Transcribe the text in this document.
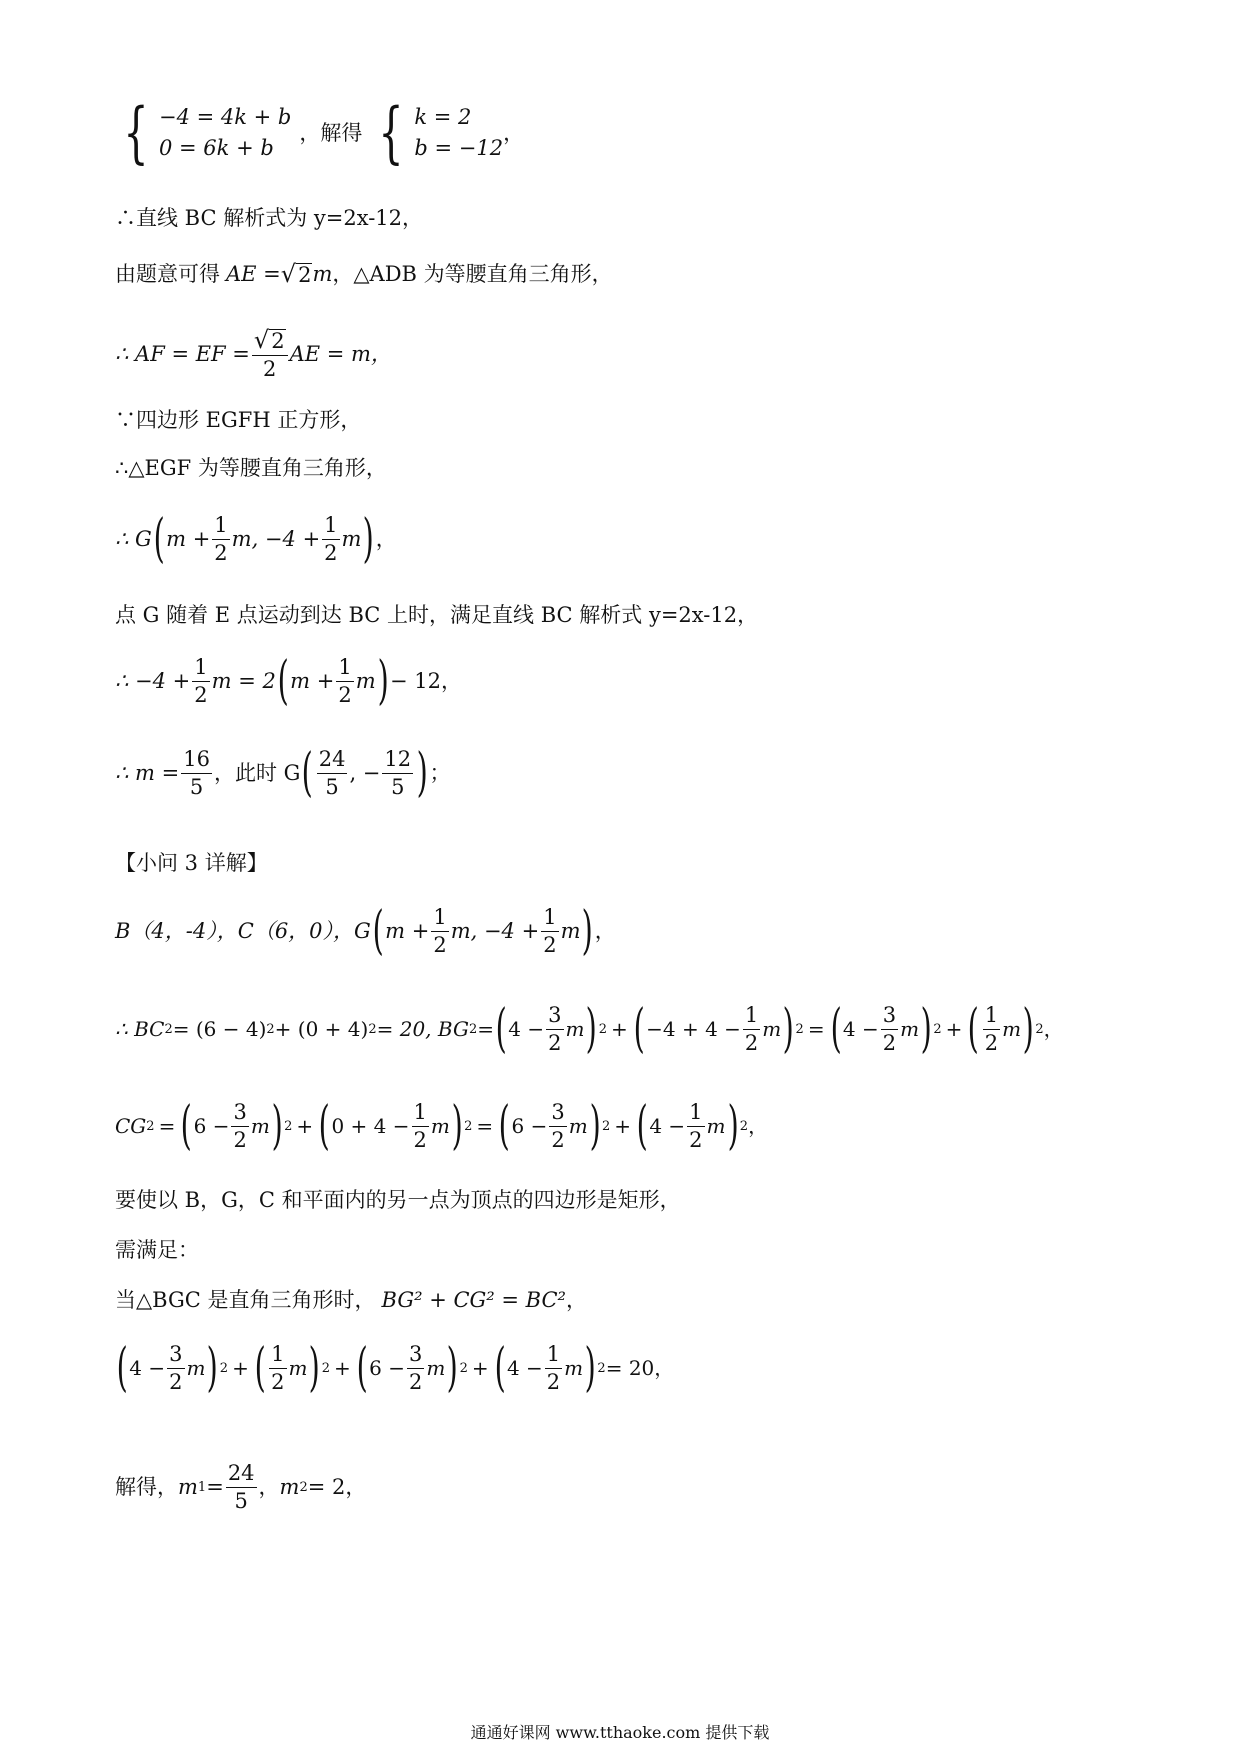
{ −4 = 4k + b
0 = 6k + b
，解得 { k = 2
b = −12
，
∴直线 BC 解析式为 y=2x-12，
由题意可得 AE = √ 2 m ，△ADB 为等腰直角三角形，
∴ AF = EF = $\frac{√ 2}{2}$ AE = m，
∵四边形 EGFH 正方形，
∴△EGF 为等腰直角三角形，
∴ G ( $m + \frac{1}{2} m$, $-4 + \frac{1}{2}$ m ) ，
点 G 随着 E 点运动到达 BC 上时，满足直线 BC 解析式 y=2x-12，
∴ $-4 + \frac{1}{2}$ m = 2 ( $m + \frac{1}{2}$ m ) − 12，
∴ $m = \frac{16}{5}$ ，此时 G ( $\frac{24}{5}$ , − $\frac{12}{5}$ ) ；
【小问 3 详解】
B（4，-4），C（6，0），G ( $m + \frac{1}{2} m$, $-4 + \frac{1}{2}$ m ) ，
∴ BC 2 = (6 − 4) 2 + (0 + 4) 2 = 20, BG 2 = ( $4 - \frac{3}{2}$ m ) 2 + ( $-4 + 4 - \frac{1}{2}$ m ) 2 = ( $4 - \frac{3}{2}$ m ) 2 + ( $\frac{1}{2}$ m ) 2 ，
CG 2 = ( $6 - \frac{3}{2}$ m ) 2 + ( $0 + 4 - \frac{1}{2}$ m ) 2 = ( $6 - \frac{3}{2}$ m ) 2 + ( $4 - \frac{1}{2}$ m ) 2 ，
要使以 B，G，C 和平面内的另一点为顶点的四边形是矩形，
需满足：
当△BGC 是直角三角形时， BG² + CG² = BC² ，
( $4 - \frac{3}{2}$ m ) 2 + ( $\frac{1}{2}$ m ) 2 + ( $6 - \frac{3}{2}$ m ) 2 + ( $4 - \frac{1}{2}$ m ) 2 = 20，
解得， m $1 = \frac{24}{5}$ ， m 2 = 2，
通通好课网 www.tthaoke.com 提供下载
